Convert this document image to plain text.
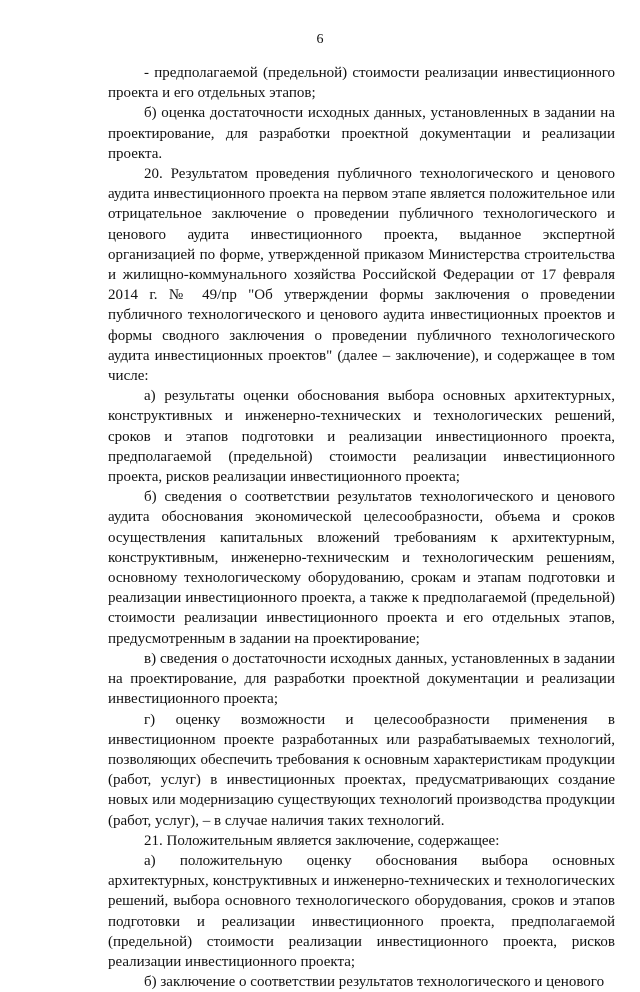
6

- предполагаемой (предельной) стоимости реализации инвестиционного проекта и его отдельных этапов;

б) оценка достаточности исходных данных, установленных в задании на проектирование, для разработки проектной документации и реализации проекта.

20. Результатом проведения публичного технологического и ценового аудита инвестиционного проекта на первом этапе является положительное или отрицательное заключение о проведении публичного технологического и ценового аудита инвестиционного проекта, выданное экспертной организацией по форме, утвержденной приказом Министерства строительства и жилищно-коммунального хозяйства Российской Федерации от 17 февраля 2014 г. № 49/пр "Об утверждении формы заключения о проведении публичного технологического и ценового аудита инвестиционных проектов и формы сводного заключения о проведении публичного технологического аудита инвестиционных проектов" (далее – заключение), и содержащее в том числе:

а) результаты оценки обоснования выбора основных архитектурных, конструктивных и инженерно-технических и технологических решений, сроков и этапов подготовки и реализации инвестиционного проекта, предполагаемой (предельной) стоимости реализации инвестиционного проекта, рисков реализации инвестиционного проекта;

б) сведения о соответствии результатов технологического и ценового аудита обоснования экономической целесообразности, объема и сроков осуществления капитальных вложений требованиям к архитектурным, конструктивным, инженерно-техническим и технологическим решениям, основному технологическому оборудованию, срокам и этапам подготовки и реализации инвестиционного проекта, а также к предполагаемой (предельной) стоимости реализации инвестиционного проекта и его отдельных этапов, предусмотренным в задании на проектирование;

в) сведения о достаточности исходных данных, установленных в задании на проектирование, для разработки проектной документации и реализации инвестиционного проекта;

г) оценку возможности и целесообразности применения в инвестиционном проекте разработанных или разрабатываемых технологий, позволяющих обеспечить требования к основным характеристикам продукции (работ, услуг) в инвестиционных проектах, предусматривающих создание новых или модернизацию существующих технологий производства продукции (работ, услуг), – в случае наличия таких технологий.

21. Положительным является заключение, содержащее:

а) положительную оценку обоснования выбора основных архитектурных, конструктивных и инженерно-технических и технологических решений, выбора основного технологического оборудования, сроков и этапов подготовки и реализации инвестиционного проекта, предполагаемой (предельной) стоимости реализации инвестиционного проекта, рисков реализации инвестиционного проекта;

б) заключение о соответствии результатов технологического и ценового
